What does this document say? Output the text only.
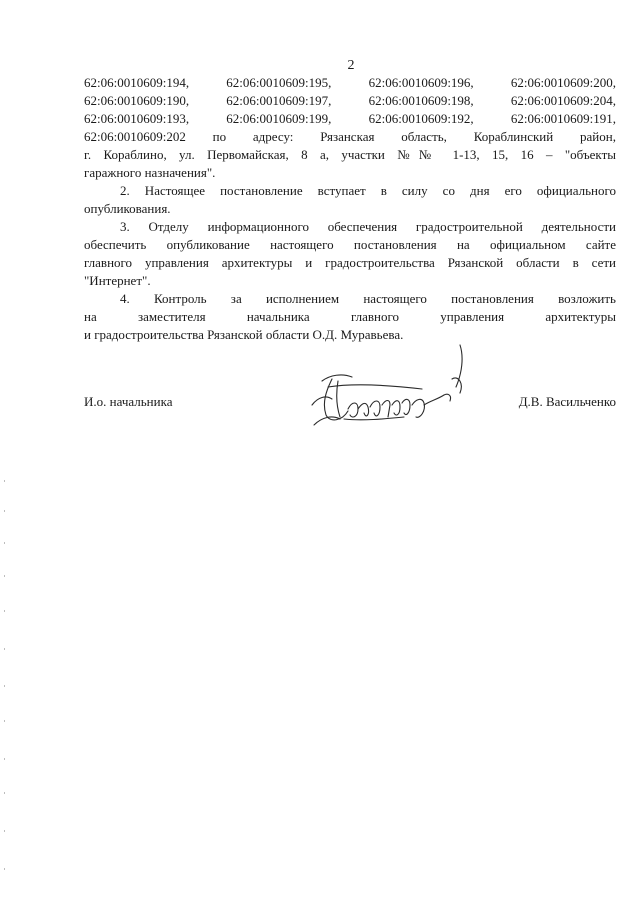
2
62:06:0010609:194,	62:06:0010609:195,	62:06:0010609:196,	62:06:0010609:200,
62:06:0010609:190,	62:06:0010609:197,	62:06:0010609:198,	62:06:0010609:204,
62:06:0010609:193,	62:06:0010609:199,	62:06:0010609:192,	62:06:0010609:191,
62:06:0010609:202 по адресу: Рязанская область, Кораблинский район,
г. Кораблино, ул. Первомайская, 8 а, участки №№ 1-13, 15, 16 – "объекты
гаражного назначения".
2. Настоящее постановление вступает в силу со дня его официального
опубликования.
3. Отделу информационного обеспечения градостроительной деятельности
обеспечить опубликование настоящего постановления на официальном сайте
главного управления архитектуры и градостроительства Рязанской области в сети
"Интернет".
4. Контроль за исполнением настоящего постановления возложить
на	заместителя	начальника	главного	управления	архитектуры
и градостроительства Рязанской области О.Д. Муравьева.
И.о. начальника	Д.В. Васильченко
